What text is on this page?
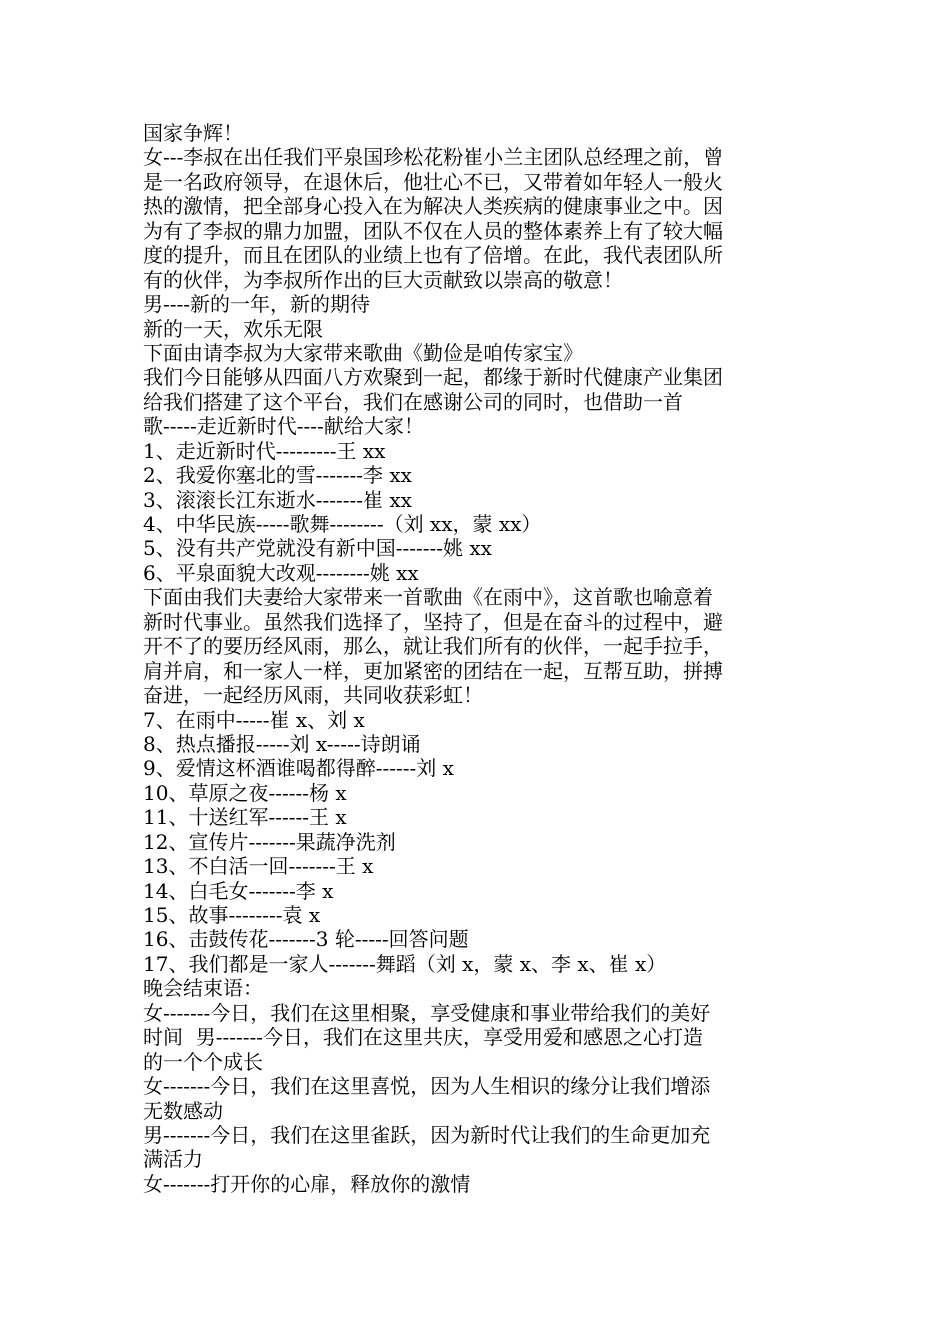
国家争辉！
女---李叔在出任我们平泉国珍松花粉崔小兰主团队总经理之前，曾
是一名政府领导，在退休后，他壮心不已，又带着如年轻人一般火
热的激情，把全部身心投入在为解决人类疾病的健康事业之中。因
为有了李叔的鼎力加盟，团队不仅在人员的整体素养上有了较大幅
度的提升，而且在团队的业绩上也有了倍增。在此，我代表团队所
有的伙伴，为李叔所作出的巨大贡献致以崇高的敬意！
男----新的一年，新的期待
新的一天，欢乐无限
下面由请李叔为大家带来歌曲《勤俭是咱传家宝》
我们今日能够从四面八方欢聚到一起，都缘于新时代健康产业集团
给我们搭建了这个平台，我们在感谢公司的同时，也借助一首
歌-----走近新时代----献给大家！
1、走近新时代---------王 xx
2、我爱你塞北的雪-------李 xx
3、滚滚长江东逝水-------崔 xx
4、中华民族-----歌舞--------（刘 xx，蒙 xx）
5、没有共产党就没有新中国-------姚 xx
6、平泉面貌大改观--------姚 xx
下面由我们夫妻给大家带来一首歌曲《在雨中》，这首歌也喻意着
新时代事业。虽然我们选择了，坚持了，但是在奋斗的过程中，避
开不了的要历经风雨，那么，就让我们所有的伙伴，一起手拉手，
肩并肩，和一家人一样，更加紧密的团结在一起，互帮互助，拼搏
奋进，一起经历风雨，共同收获彩虹！
7、在雨中-----崔 x、刘 x
8、热点播报-----刘 x-----诗朗诵
9、爱情这杯酒谁喝都得醉------刘 x
10、草原之夜------杨 x
11、十送红军------王 x
12、宣传片-------果蔬净洗剂
13、不白活一回-------王 x
14、白毛女-------李 x
15、故事--------袁 x
16、击鼓传花-------3 轮-----回答问题
17、我们都是一家人-------舞蹈（刘 x，蒙 x、李 x、崔 x）
晚会结束语：
女-------今日，我们在这里相聚，享受健康和事业带给我们的美好
时间  男-------今日，我们在这里共庆，享受用爱和感恩之心打造
的一个个成长
女-------今日，我们在这里喜悦，因为人生相识的缘分让我们增添
无数感动
男-------今日，我们在这里雀跃，因为新时代让我们的生命更加充
满活力
女-------打开你的心扉，释放你的激情
